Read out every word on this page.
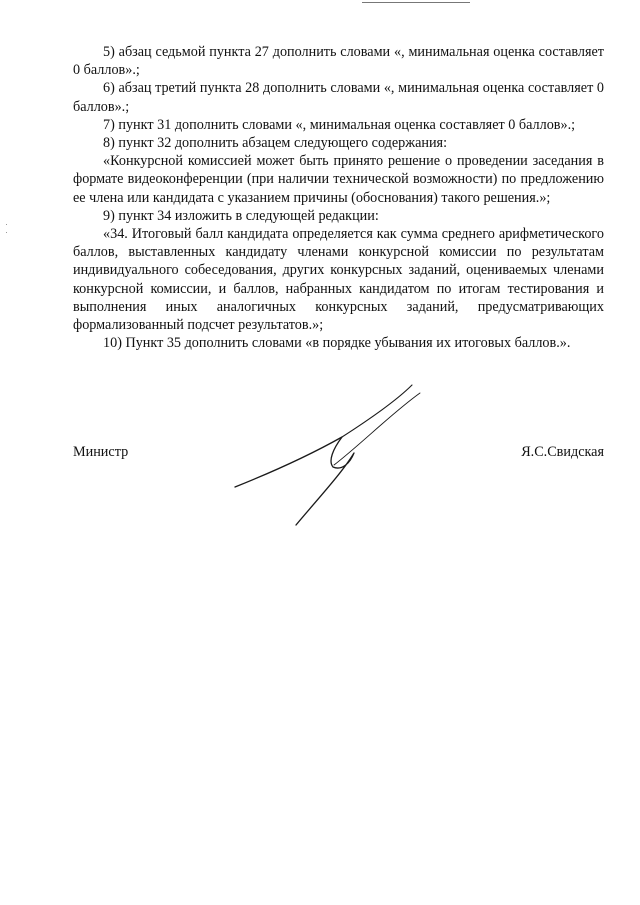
5) абзац седьмой пункта 27 дополнить словами «, минимальная оценка составляет 0 баллов».;

6) абзац третий пункта 28 дополнить словами «, минимальная оценка составляет 0 баллов».;

7) пункт 31 дополнить словами «, минимальная оценка составляет 0 баллов».;

8) пункт 32 дополнить абзацем следующего содержания:

«Конкурсной комиссией может быть принято решение о проведении заседания в формате видеоконференции (при наличии технической возможности) по предложению ее члена или кандидата с указанием причины (обоснования) такого решения.»;

9) пункт 34 изложить в следующей редакции:

«34. Итоговый балл кандидата определяется как сумма среднего арифметического баллов, выставленных кандидату членами конкурсной комиссии по результатам индивидуального собеседования, других конкурсных заданий, оцениваемых членами конкурсной комиссии, и баллов, набранных кандидатом по итогам тестирования и выполнения иных аналогичных конкурсных заданий, предусматривающих формализованный подсчет результатов.»;

10) Пункт 35 дополнить словами «в порядке убывания их итоговых баллов.».

Министр	Я.С.Свидская
